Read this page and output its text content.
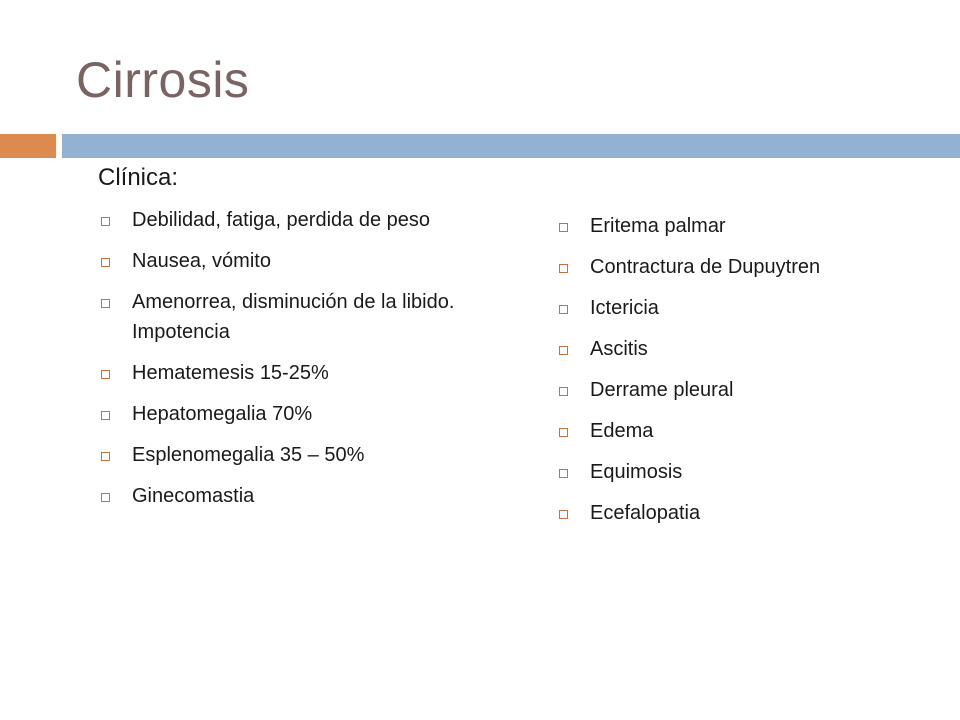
Cirrosis
Clínica:
Debilidad, fatiga, perdida de peso
Nausea, vómito
Amenorrea, disminución de la libido. Impotencia
Hematemesis 15-25%
Hepatomegalia 70%
Esplenomegalia 35 – 50%
Ginecomastia
Eritema palmar
Contractura de Dupuytren
Ictericia
Ascitis
Derrame pleural
Edema
Equimosis
Ecefalopatia
